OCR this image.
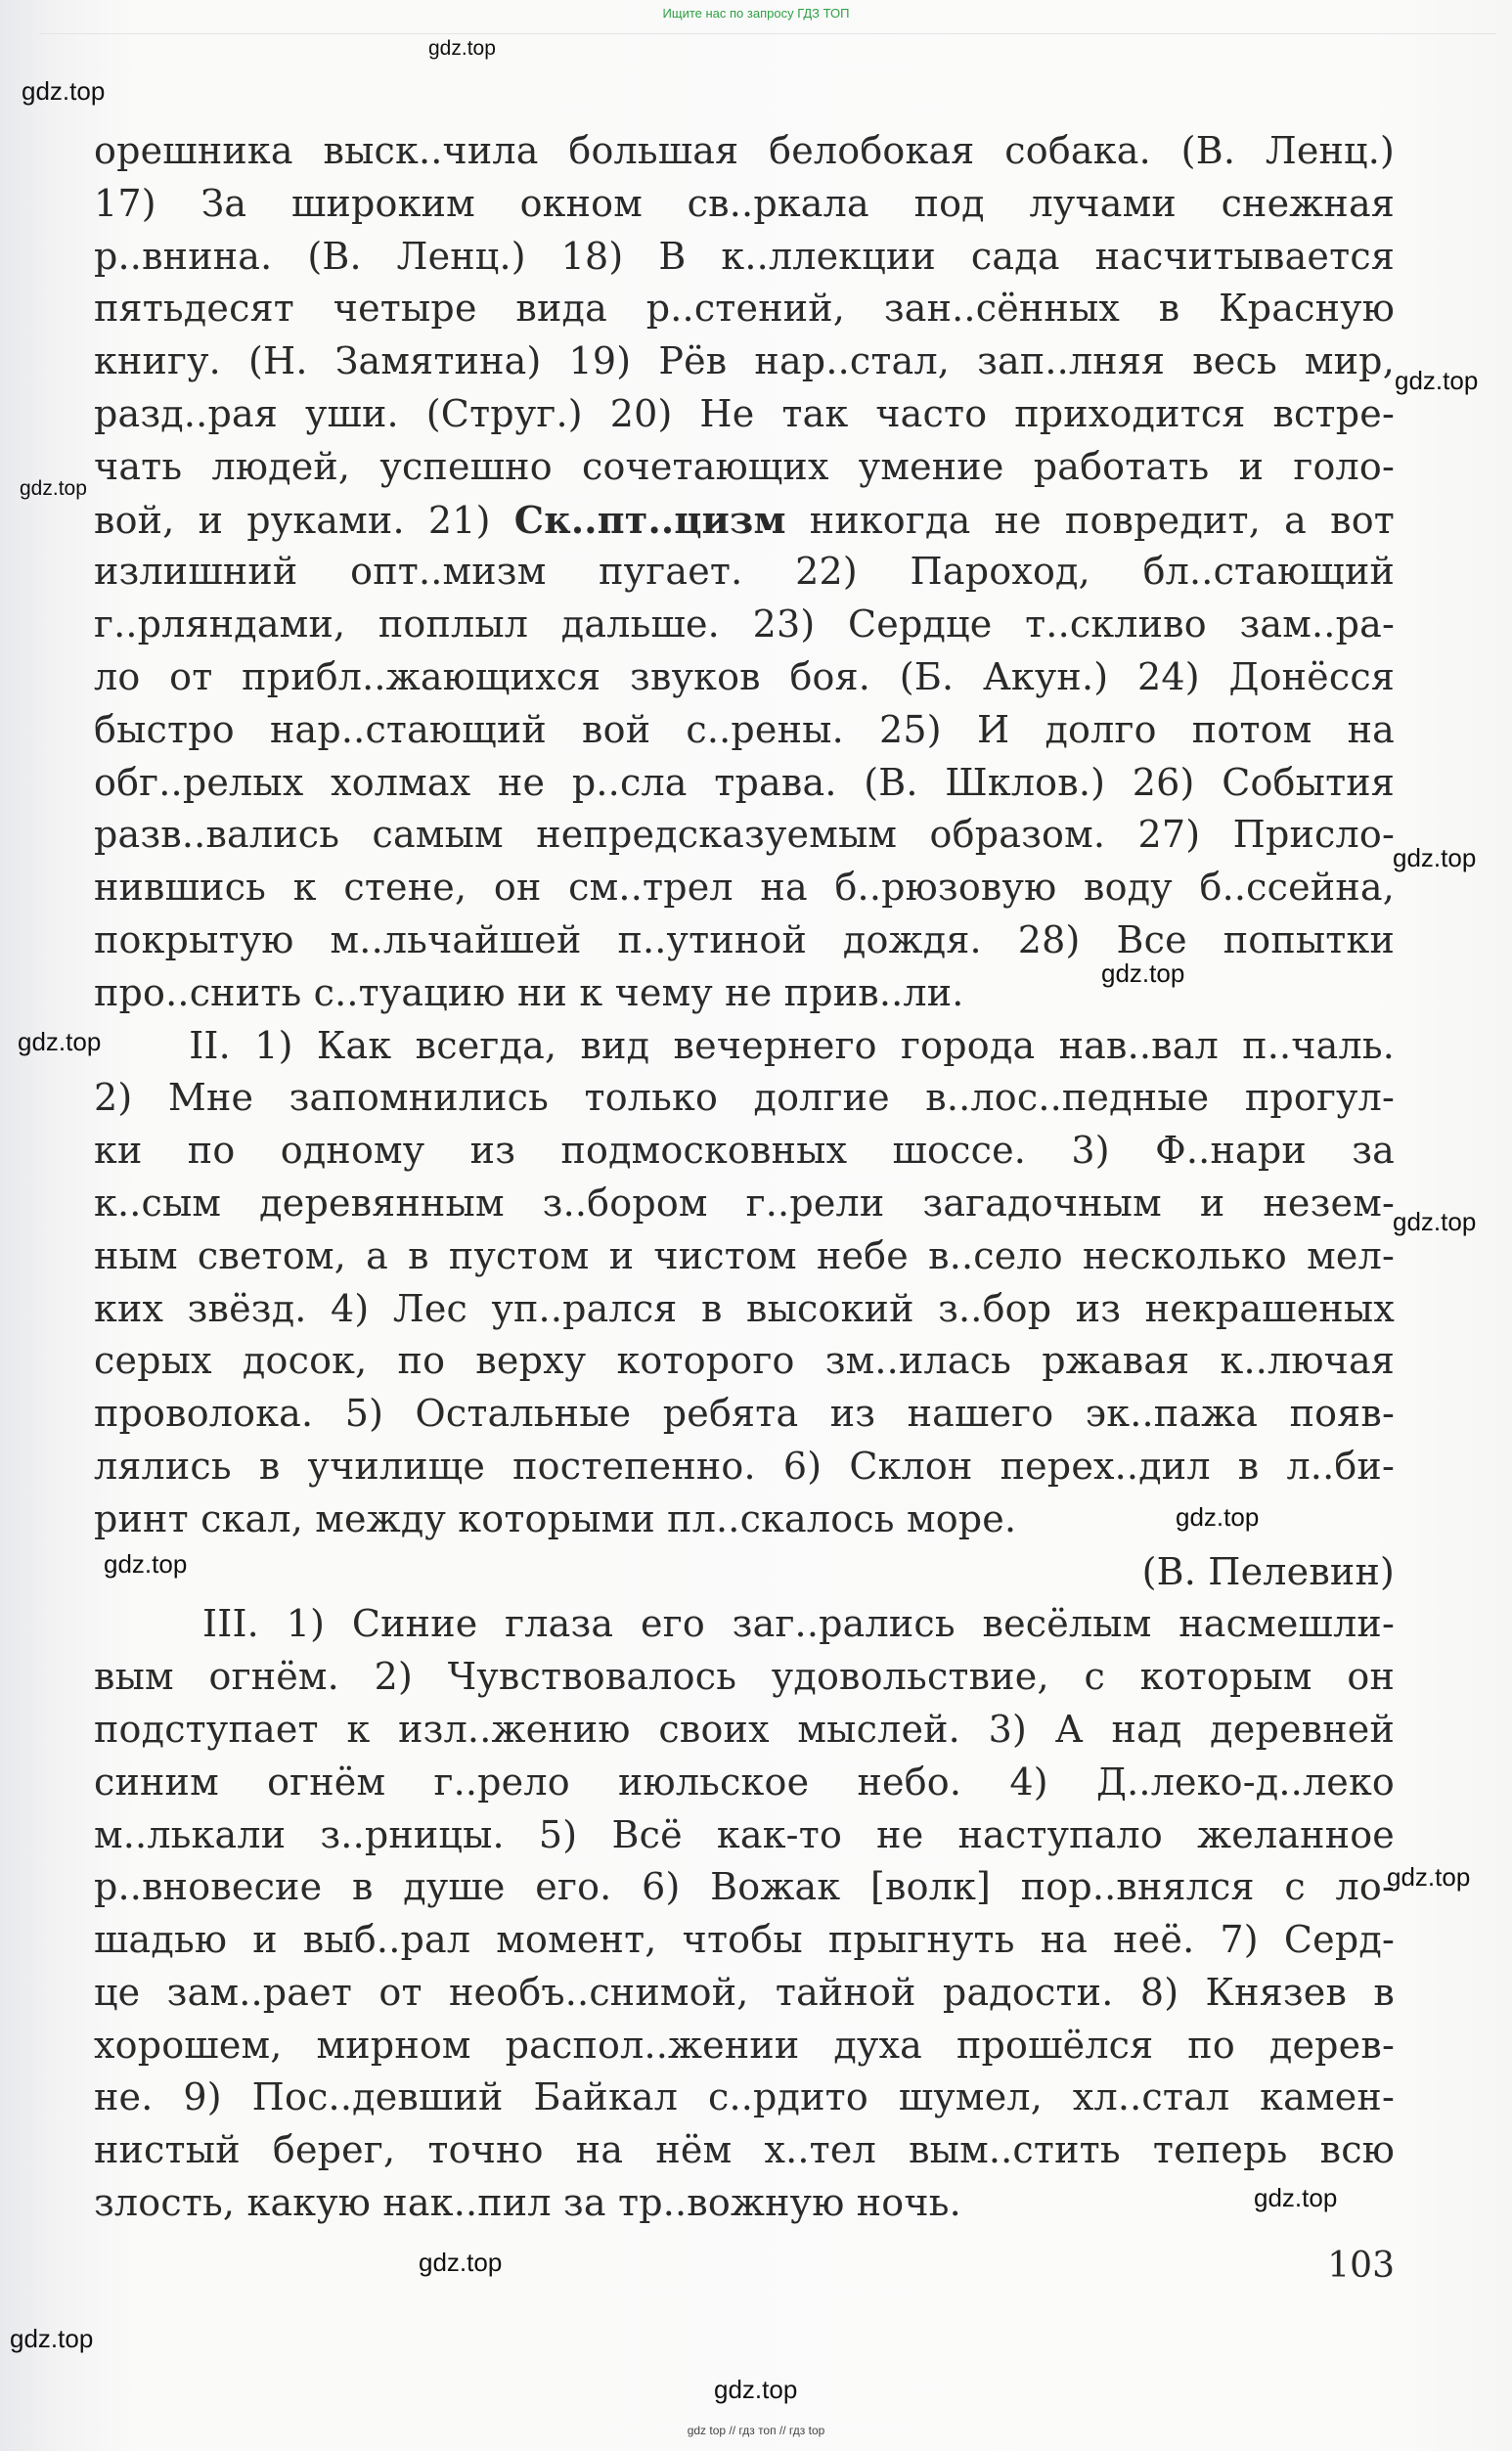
Ищите нас по запросу ГДЗ ТОП
орешника выск..чила большая белобокая собака. (В. Ленц.)
17) За широким окном св..ркала под лучами снежная
р..внина. (В. Ленц.) 18) В к..ллекции сада насчитывается
пятьдесят четыре вида р..стений, зан..сённых в Красную
книгу. (Н. Замятина) 19) Рёв нар..стал, зап..лняя весь мир,
разд..рая уши. (Струг.) 20) Не так часто приходится встре-
чать людей, успешно сочетающих умение работать и голо-
вой, и руками. 21) Ск..пт..цизм никогда не повредит, а вот
излишний опт..мизм пугает. 22) Пароход, бл..стающий
г..рляндами, поплыл дальше. 23) Сердце т..скливо зам..ра-
ло от прибл..жающихся звуков боя. (Б. Акун.) 24) Донёсся
быстро нар..стающий вой с..рены. 25) И долго потом на
обг..релых холмах не р..сла трава. (В. Шклов.) 26) События
разв..вались самым непредсказуемым образом. 27) Присло-
нившись к стене, он см..трел на б..рюзовую воду б..ссейна,
покрытую м..льчайшей п..утиной дождя. 28) Все попытки
про..снить с..туацию ни к чему не прив..ли.
II. 1) Как всегда, вид вечернего города нав..вал п..чаль.
2) Мне запомнились только долгие в..лос..педные прогул-
ки по одному из подмосковных шоссе. 3) Ф..нари за
к..сым деревянным з..бором г..рели загадочным и незем-
ным светом, а в пустом и чистом небе в..село несколько мел-
ких звёзд. 4) Лес уп..рался в высокий з..бор из некрашеных
серых досок, по верху которого зм..илась ржавая к..лючая
проволока. 5) Остальные ребята из нашего эк..пажа появ-
лялись в училище постепенно. 6) Склон перех..дил в л..би-
ринт скал, между которыми пл..скалось море.
(В. Пелевин)
III. 1) Синие глаза его заг..рались весёлым насмешли-
вым огнём. 2) Чувствовалось удовольствие, с которым он
подступает к изл..жению своих мыслей. 3) А над деревней
синим огнём г..рело июльское небо. 4) Д..леко-д..леко
м..лькали з..рницы. 5) Всё как-то не наступало желанное
р..вновесие в душе его. 6) Вожак [волк] пор..внялся с ло-
шадью и выб..рал момент, чтобы прыгнуть на неё. 7) Серд-
це зам..рает от необъ..снимой, тайной радости. 8) Князев в
хорошем, мирном распол..жении духа прошёлся по дерев-
не. 9) Пос..девший Байкал с..рдито шумел, хл..стал камен-
нистый берег, точно на нём х..тел вым..стить теперь всю
злость, какую нак..пил за тр..вожную ночь.
103
gdz.top
gdz.top
gdz.top
gdz.top
gdz.top
gdz.top
gdz.top
gdz.top
gdz.top
gdz.top
gdz.top
gdz.top
gdz.top
gdz.top
gdz.top
gdz top // гдз топ // гдз top
